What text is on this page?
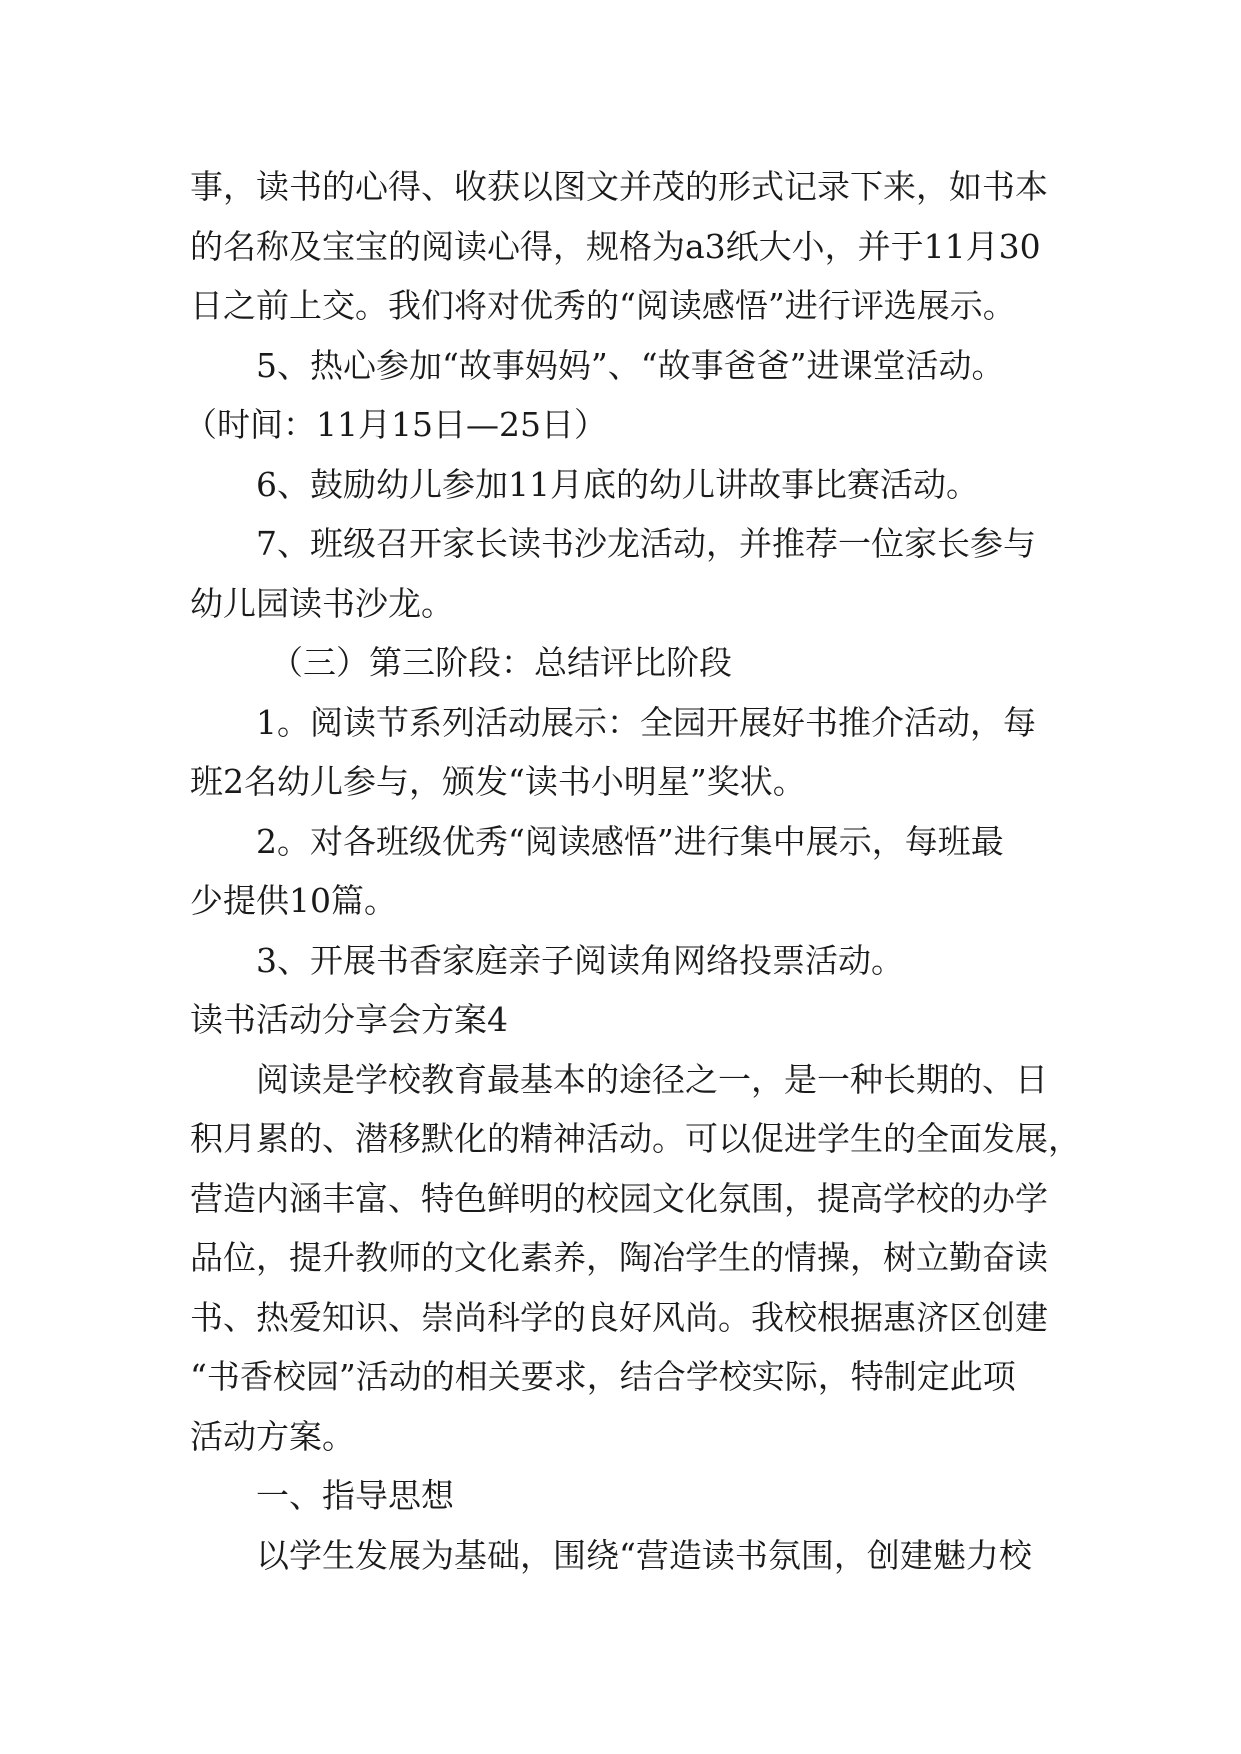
事，读书的心得、收获以图文并茂的形式记录下来，如书本
的名称及宝宝的阅读心得，规格为a3纸大小，并于11月30
日之前上交。我们将对优秀的“阅读感悟”进行评选展示。
5、热心参加“故事妈妈”、“故事爸爸”进课堂活动。
（时间：11月15日—25日）
6、鼓励幼儿参加11月底的幼儿讲故事比赛活动。
7、班级召开家长读书沙龙活动，并推荐一位家长参与
幼儿园读书沙龙。
（三）第三阶段：总结评比阶段
1。阅读节系列活动展示：全园开展好书推介活动，每
班2名幼儿参与，颁发“读书小明星”奖状。
2。对各班级优秀“阅读感悟”进行集中展示，每班最
少提供10篇。
3、开展书香家庭亲子阅读角网络投票活动。
读书活动分享会方案4
阅读是学校教育最基本的途径之一，是一种长期的、日
积月累的、潜移默化的精神活动。可以促进学生的全面发展，
营造内涵丰富、特色鲜明的校园文化氛围，提高学校的办学
品位，提升教师的文化素养，陶冶学生的情操，树立勤奋读
书、热爱知识、崇尚科学的良好风尚。我校根据惠济区创建
“书香校园”活动的相关要求，结合学校实际，特制定此项
活动方案。
一、指导思想
以学生发展为基础，围绕“营造读书氛围，创建魅力校
